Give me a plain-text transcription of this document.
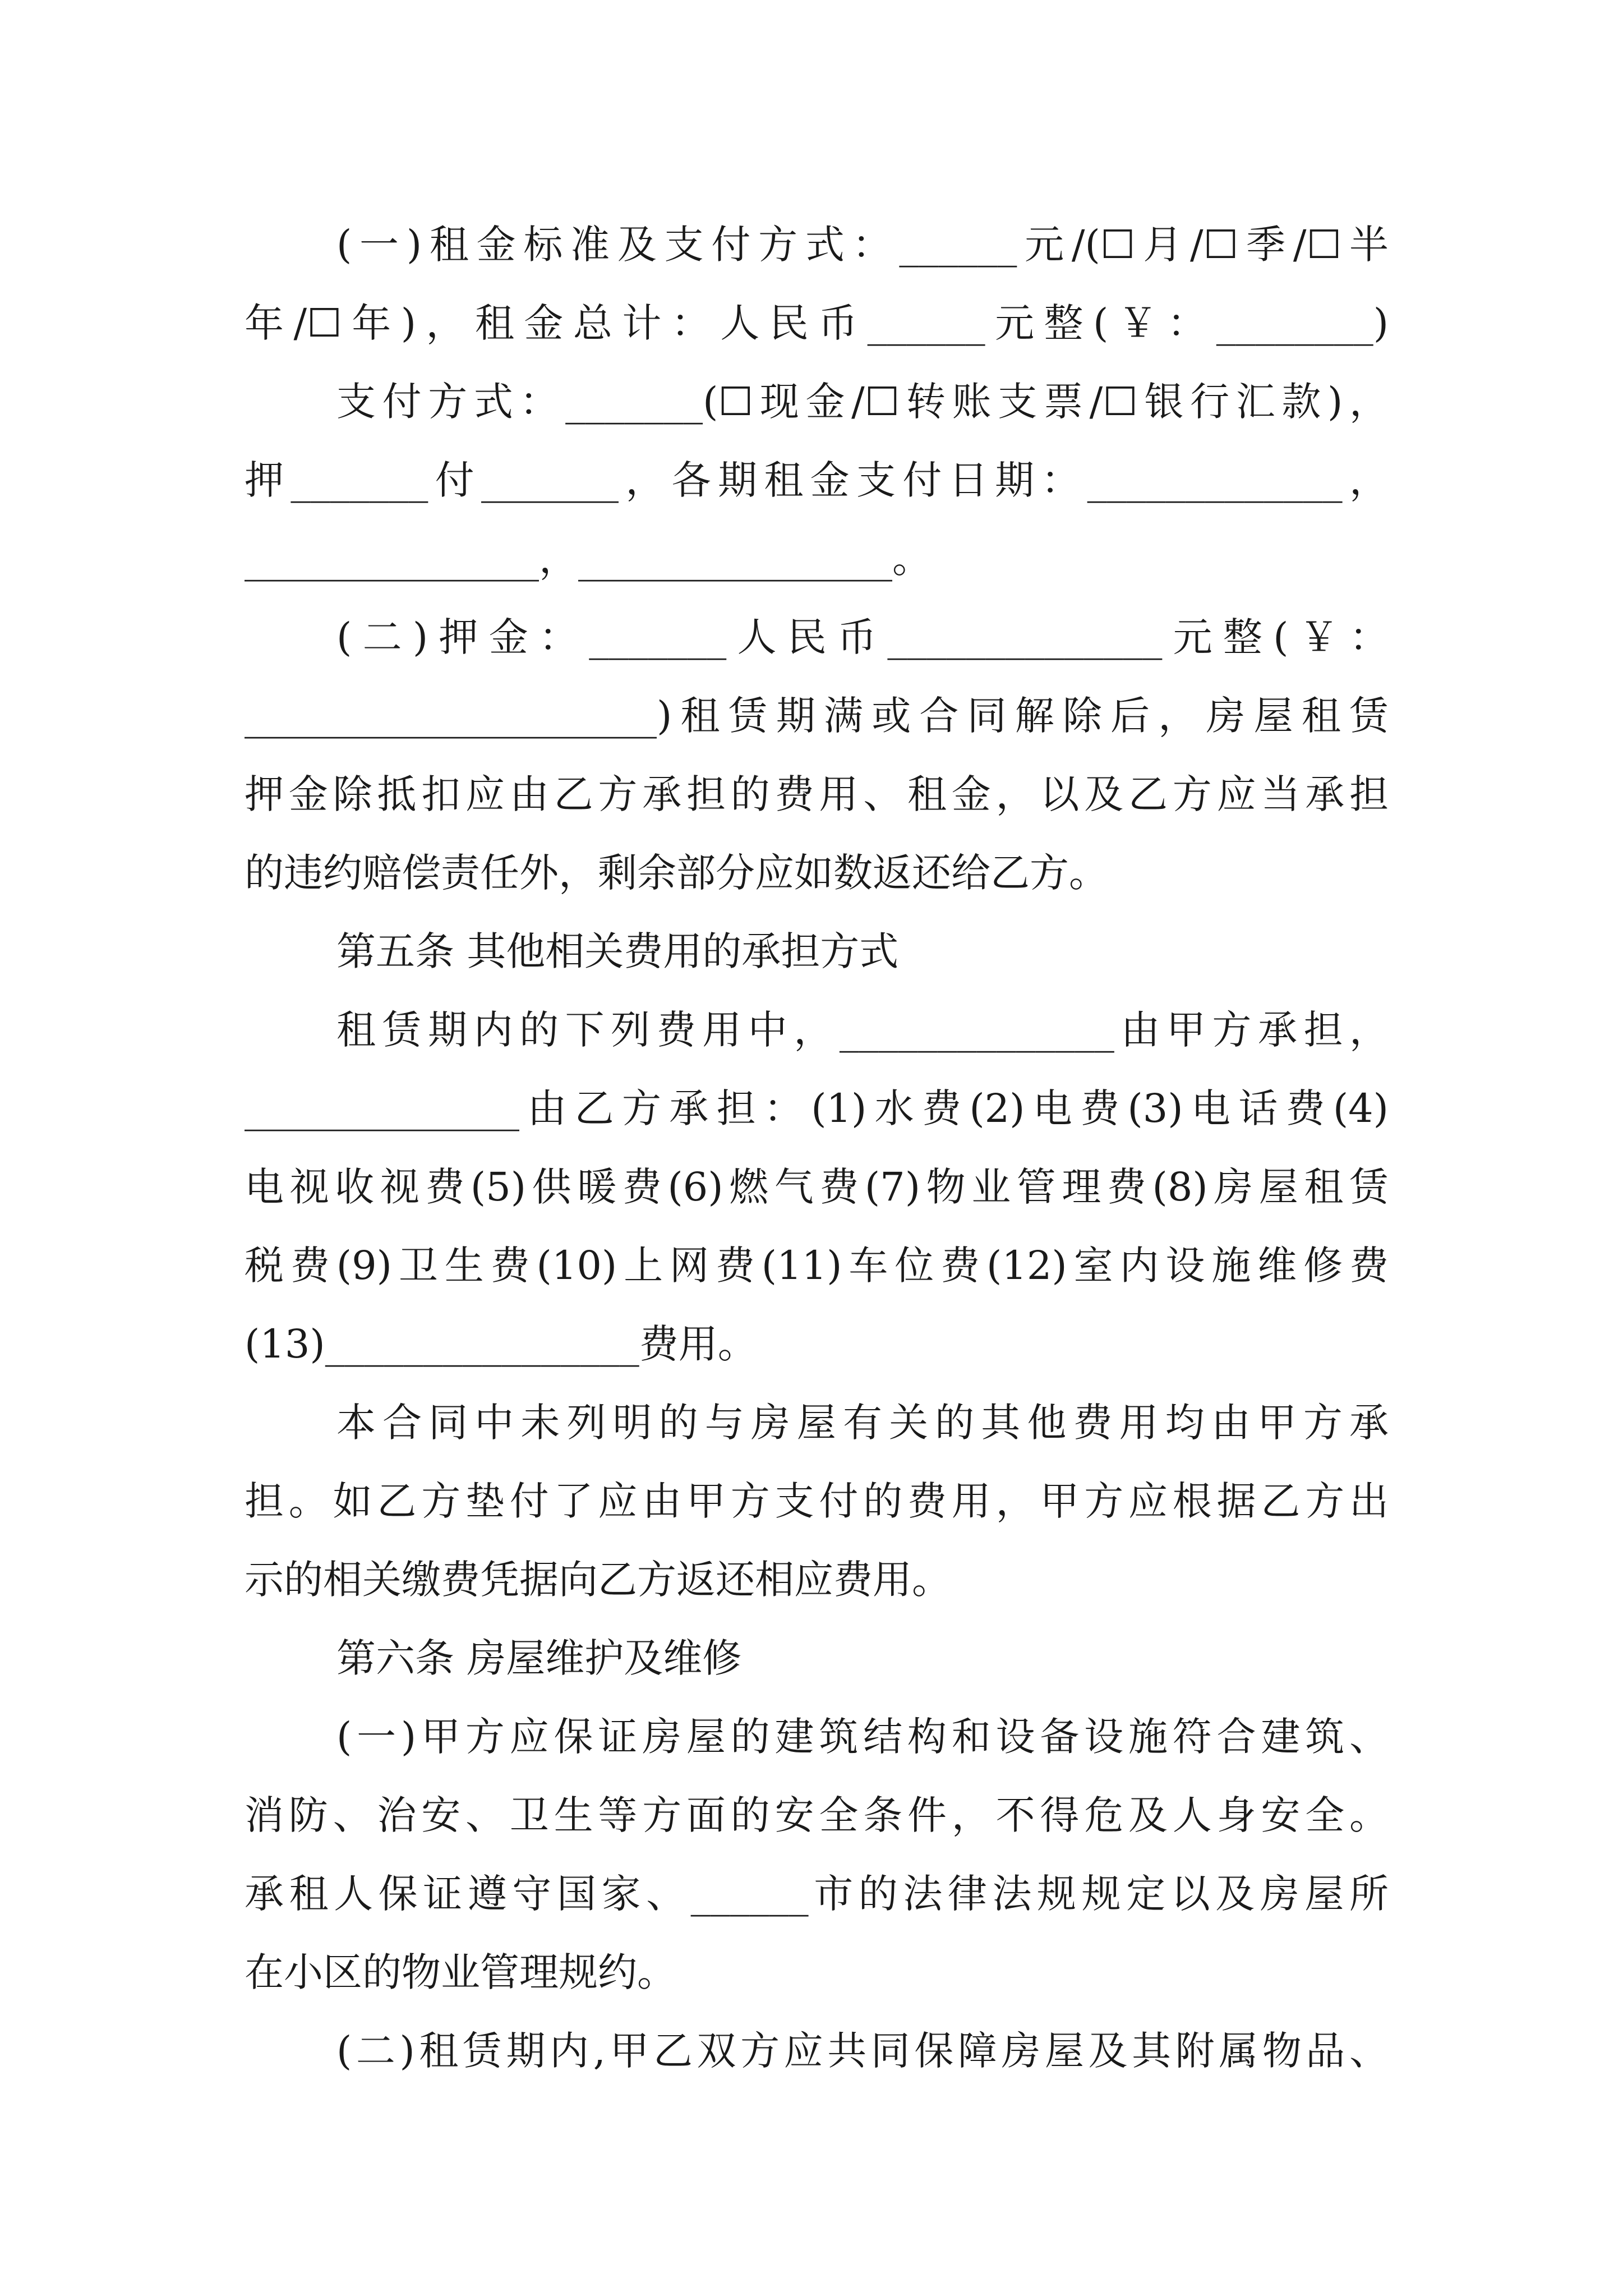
(一)租金标准及支付方式：______元/(☐月/☐季/☐半
年/☐年)，租金总计：人民币______元整(￥：________)
支付方式：_______(☐现金/☐转账支票/☐银行汇款)，
押_______付_______，各期租金支付日期：_____________，
_______________，________________。
(二)押金：_______人民币______________元整(￥：
_____________________)租赁期满或合同解除后，房屋租赁
押金除抵扣应由乙方承担的费用、租金，以及乙方应当承担
的违约赔偿责任外，剩余部分应如数返还给乙方。
第五条 其他相关费用的承担方式
租赁期内的下列费用中，______________由甲方承担，
______________由乙方承担：(1)水费(2)电费(3)电话费(4)
电视收视费(5)供暖费(6)燃气费(7)物业管理费(8)房屋租赁
税费(9)卫生费(10)上网费(11)车位费(12)室内设施维修费
(13)________________费用。
本合同中未列明的与房屋有关的其他费用均由甲方承
担。如乙方垫付了应由甲方支付的费用，甲方应根据乙方出
示的相关缴费凭据向乙方返还相应费用。
第六条 房屋维护及维修
(一)甲方应保证房屋的建筑结构和设备设施符合建筑、
消防、治安、卫生等方面的安全条件，不得危及人身安全。
承租人保证遵守国家、______市的法律法规规定以及房屋所
在小区的物业管理规约。
(二)租赁期内,甲乙双方应共同保障房屋及其附属物品、
